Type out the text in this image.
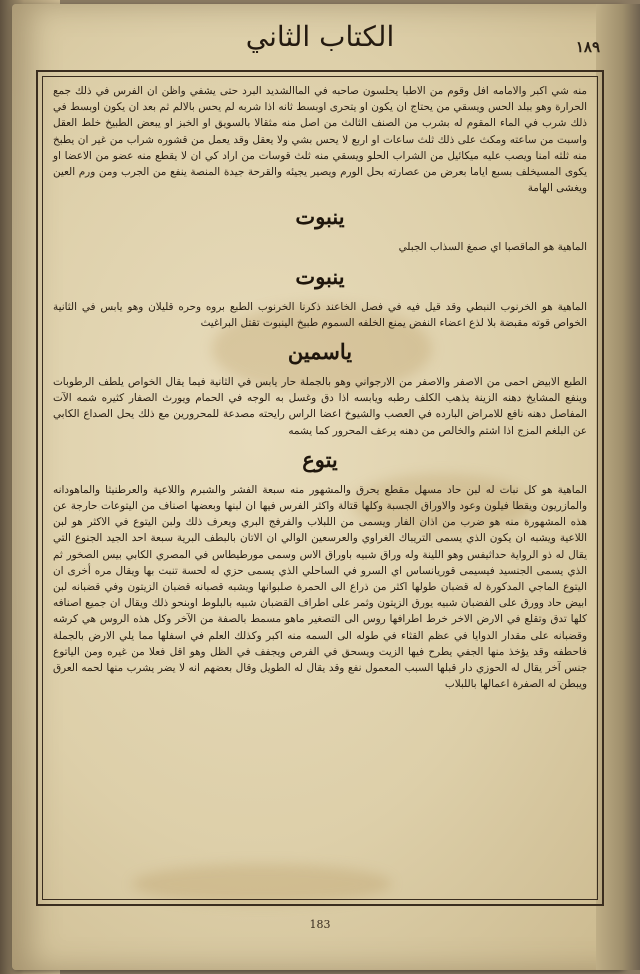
١٨٩
الكتاب الثاني

منه شي اكبر والامامه افل وقوم من الاطبا يحلسون صاحبه في الماالشديد البرد حتى يشفي واظن ان الفرس في ذلك جمع الحرارة وهو ببلد الحس ويسقي من يحتاج ان يكون او يتحرى اوبسط ثانه اذا شربه لم يحس بالالم ثم بعد ان يكون اوبسط في ذلك شرب في الماء المقوم له بشرب من الصنف الثالث من اصل منه مثقالا بالسويق او الخبز او يبعض الطبيخ خلط العقل واسبت من ساعته ومكث على ذلك ثلث ساعات او اربع لا يحس بشي ولا يعقل وقد يعمل من قشوره شراب من غير ان يطبخ منه ثلثه امنا ويصب عليه ميكائيل من الشراب الحلو ويسقي منه ثلث قوسات من اراد كي ان لا يقطع منه عضو من الاعضا او يكوى المسيخلف بسبع اياما بعرض من عصارته بحل الورم ويصير يجيئه والقرحة جيدة المنصة ينفع من الجرب ومن ورم العين ويغشى الهامة

ينبوت

الماهية هو الماقصبا اي صمغ السذاب الجبلي

ينبوت

الماهية هو الخرنوب النبطي وقد قيل فيه في فصل الخاعند ذكرنا الخرنوب الطبع بروه وحره قليلان وهو يابس في الثانية الخواص قوته مقبضة بلا لذع اعضاء النفض يمنع الخلفه السموم طبيخ الينبوت تقتل البراغيث

ياسمين

الطبع الابيض احمى من الاصفر والاصفر من الارجواني وهو بالجملة حار يابس في الثانية فيما يقال الخواص يلطف الرطوبات وينفع المشايخ دهنه الزينة يذهب الكلف رطبه ويابسه اذا دق وغسل به الوجه في الحمام ويورث الصفار كثيره شمه الآت المفاصل دهنه نافع للامراض البارده في العصب والشيوخ اعضا الراس رايحته مصدعة للمحرورين مع ذلك يحل الصداع الكابي عن البلغم المزج اذا اشتم والخالص من دهنه يرعف المحرور كما يشمه

يتوع

الماهية هو كل نبات له لبن حاد مسهل مقطع يحرق والمشهور منه سبعة الفشر والشبرم واللاعية والعرطنيثا والماهودانه والمازريون ويقطا فيلون وعود والاوراق الجسبة وكلها قتالة واكثر الفرس فيها ان لبنها وبعضها اصناف من اليتوعات حارجة عن هذه المشهورة منه هو ضرب من اذان الفار ويسمى من اللبلاب والفرفج البري ويعرف ذلك ولبن اليتوع في الاكثر هو لبن اللاعية ويشبه ان يكون الذي يسمى التريباك الغراوي والعرسعين الوالي ان الاتان بالبطف البرية سبعة احد الجيد الجنوع التي يقال له ذو الرواية حداثيفس وهو اللينة وله وراق شبيه باوراق الاس وسمى مورطيطاس في المصري الكابي بيس الصخور ثم الذي يسمى الجنسيد فيسيمى قوريانساس اي السرو في الساحلي الذي يسمى حزي له لحسة تنبت بها ويقال مره أخرى ان اليتوع الماجي المدكورة له قضبان طولها اكثر من ذراع الى الحمرة صلبوانها ويشبه قصبانه قضبان الزيتون وفي قضبانه لبن ابيض حاد وورق على الفضبان شبيه يورق الزيتون وثمر على اطراف القضبان شبيه بالبلوط اوبنحو ذلك ويقال ان جميع اصنافه كلها تدق وتقلع في الارض الاخر خرط اطرافها روس الى التصغير ماهو مسمط بالصفة من الآخر وكل هذه الروس هي كرشه وقضبانه على مقدار الدوايا في عظم القثاء في طوله الى السمه منه اكبر وكذلك العلم في اسفلها مما يلي الارض بالجملة فاحطفه وقد يؤخذ منها الجفي يطرح فيها الزيت ويسحق في الفرص ويجفف في الظل وهو اقل فعلا من غيره ومن الياتوع جنس آخر يقال له الحوزي دار قبلها السبب المعمول نفع وقد يقال له الطويل وقال بعضهم انه لا يضر يشرب منها لحمه العرق ويبطن له الصفرة اعمالها باللبلاب

183
